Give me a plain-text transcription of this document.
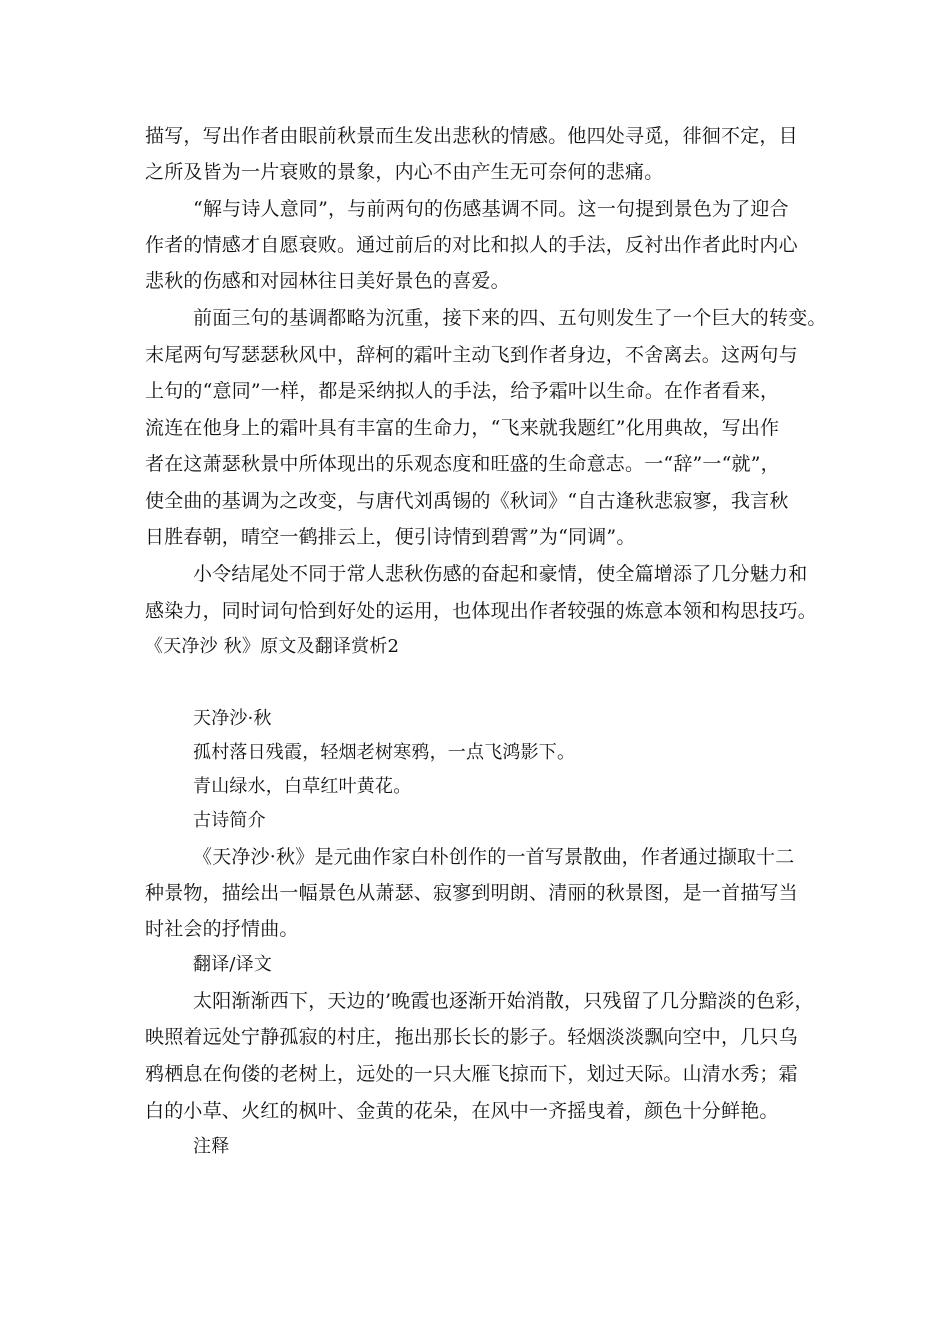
描写，写出作者由眼前秋景而生发出悲秋的情感。他四处寻觅，徘徊不定，目
之所及皆为一片衰败的景象，内心不由产生无可奈何的悲痛。
“解与诗人意同”，与前两句的伤感基调不同。这一句提到景色为了迎合
作者的情感才自愿衰败。通过前后的对比和拟人的手法，反衬出作者此时内心
悲秋的伤感和对园林往日美好景色的喜爱。
前面三句的基调都略为沉重，接下来的四、五句则发生了一个巨大的转变。
末尾两句写瑟瑟秋风中，辞柯的霜叶主动飞到作者身边，不舍离去。这两句与
上句的“意同”一样，都是采纳拟人的手法，给予霜叶以生命。在作者看来，
流连在他身上的霜叶具有丰富的生命力，“飞来就我题红”化用典故，写出作
者在这萧瑟秋景中所体现出的乐观态度和旺盛的生命意志。一“辞”一“就”，
使全曲的基调为之改变，与唐代刘禹锡的《秋词》“自古逢秋悲寂寥，我言秋
日胜春朝，晴空一鹤排云上，便引诗情到碧霄”为“同调”。
小令结尾处不同于常人悲秋伤感的奋起和豪情，使全篇增添了几分魅力和
感染力，同时词句恰到好处的运用，也体现出作者较强的炼意本领和构思技巧。
《天净沙 秋》原文及翻译赏析2
天净沙·秋
孤村落日残霞，轻烟老树寒鸦，一点飞鸿影下。
青山绿水，白草红叶黄花。
古诗简介
《天净沙·秋》是元曲作家白朴创作的一首写景散曲，作者通过撷取十二
种景物，描绘出一幅景色从萧瑟、寂寥到明朗、清丽的秋景图，是一首描写当
时社会的抒情曲。
翻译/译文
太阳渐渐西下，天边的’晚霞也逐渐开始消散，只残留了几分黯淡的色彩，
映照着远处宁静孤寂的村庄，拖出那长长的影子。轻烟淡淡飘向空中，几只乌
鸦栖息在佝偻的老树上，远处的一只大雁飞掠而下，划过天际。山清水秀；霜
白的小草、火红的枫叶、金黄的花朵，在风中一齐摇曳着，颜色十分鲜艳。
注释
